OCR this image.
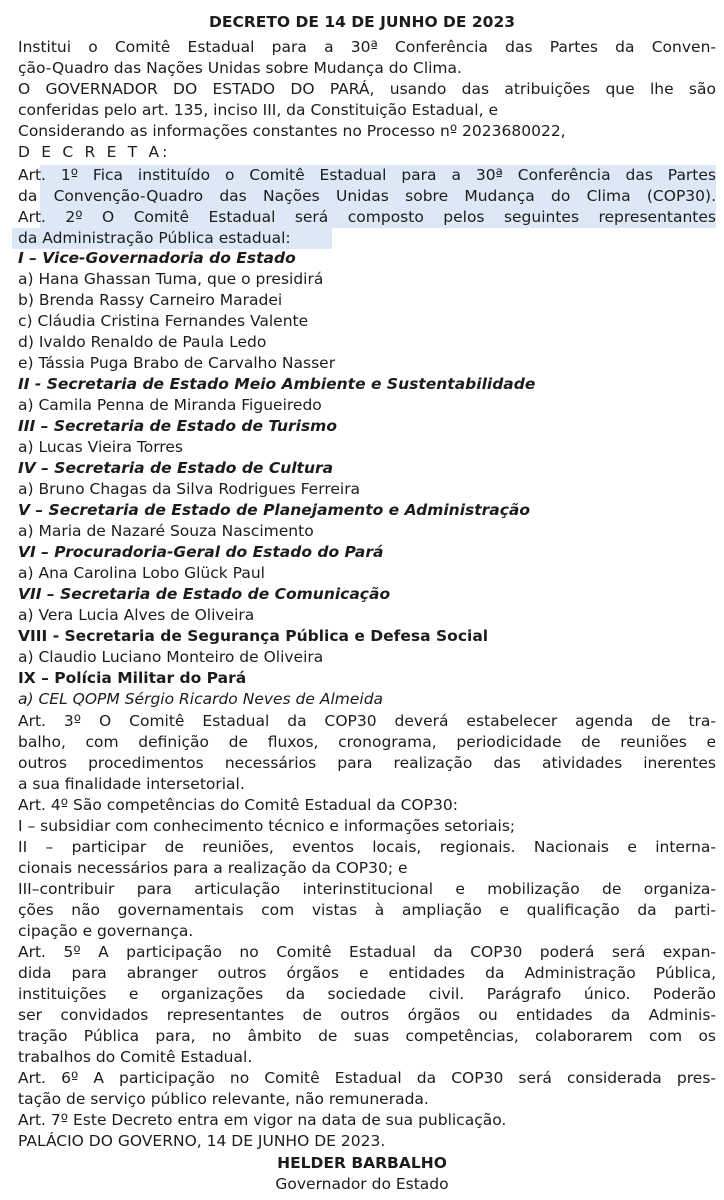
DECRETO DE 14 DE JUNHO DE 2023

Institui o Comitê Estadual para a 30ª Conferência das Partes da Conven-

ção-Quadro das Nações Unidas sobre Mudança do Clima.

O GOVERNADOR DO ESTADO DO PARÁ, usando das atribuições que lhe são

conferidas pelo art. 135, inciso III, da Constituição Estadual, e

Considerando as informações constantes no Processo nº 2023680022,

D E C R E T A:

Art. 1º Fica instituído o Comitê Estadual para a 30ª Conferência das Partes

da Convenção-Quadro das Nações Unidas sobre Mudança do Clima (COP30).

Art. 2º O Comitê Estadual será composto pelos seguintes representantes

da Administração Pública estadual:

I – Vice-Governadoria do Estado

a) Hana Ghassan Tuma, que o presidirá

b) Brenda Rassy Carneiro Maradei

c) Cláudia Cristina Fernandes Valente

d) Ivaldo Renaldo de Paula Ledo

e) Tássia Puga Brabo de Carvalho Nasser

II - Secretaria de Estado Meio Ambiente e Sustentabilidade

a) Camila Penna de Miranda Figueiredo

III – Secretaria de Estado de Turismo

a) Lucas Vieira Torres

IV – Secretaria de Estado de Cultura

a) Bruno Chagas da Silva Rodrigues Ferreira

V – Secretaria de Estado de Planejamento e Administração

a) Maria de Nazaré Souza Nascimento

VI – Procuradoria-Geral do Estado do Pará

a) Ana Carolina Lobo Glück Paul

VII – Secretaria de Estado de Comunicação

a) Vera Lucia Alves de Oliveira

VIII - Secretaria de Segurança Pública e Defesa Social

a) Claudio Luciano Monteiro de Oliveira

IX – Polícia Militar do Pará

a) CEL QOPM Sérgio Ricardo Neves de Almeida

Art. 3º O Comitê Estadual da COP30 deverá estabelecer agenda de tra-

balho, com definição de fluxos, cronograma, periodicidade de reuniões e

outros procedimentos necessários para realização das atividades inerentes

a sua finalidade intersetorial.

Art. 4º São competências do Comitê Estadual da COP30:

I – subsidiar com conhecimento técnico e informações setoriais;

II – participar de reuniões, eventos locais, regionais. Nacionais e interna-

cionais necessários para a realização da COP30; e

III–contribuir para articulação interinstitucional e mobilização de organiza-

ções não governamentais com vistas à ampliação e qualificação da parti-

cipação e governança.

Art. 5º A participação no Comitê Estadual da COP30 poderá será expan-

dida para abranger outros órgãos e entidades da Administração Pública,

instituições e organizações da sociedade civil. Parágrafo único. Poderão

ser convidados representantes de outros órgãos ou entidades da Adminis-

tração Pública para, no âmbito de suas competências, colaborarem com os

trabalhos do Comitê Estadual.

Art. 6º A participação no Comitê Estadual da COP30 será considerada pres-

tação de serviço público relevante, não remunerada.

Art. 7º Este Decreto entra em vigor na data de sua publicação.

PALÁCIO DO GOVERNO, 14 DE JUNHO DE 2023.

HELDER BARBALHO

Governador do Estado
